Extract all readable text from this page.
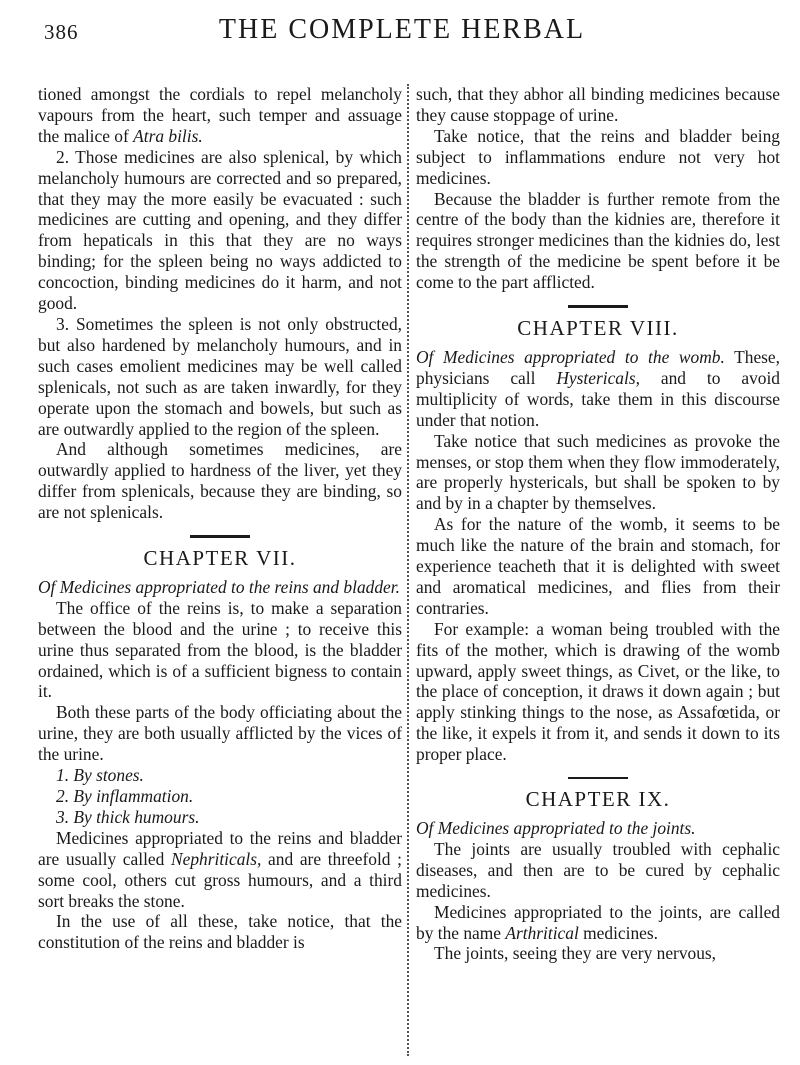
386	THE COMPLETE HERBAL

tioned amongst the cordials to repel melancholy vapours from the heart, such temper and assuage the malice of Atra bilis.

2. Those medicines are also splenical, by which melancholy humours are corrected and so prepared, that they may the more easily be evacuated : such medicines are cutting and opening, and they differ from hepaticals in this that they are no ways binding; for the spleen being no ways addicted to concoction, binding medicines do it harm, and not good.

3. Sometimes the spleen is not only obstructed, but also hardened by melancholy humours, and in such cases emolient medicines may be well called splenicals, not such as are taken inwardly, for they operate upon the stomach and bowels, but such as are outwardly applied to the region of the spleen.

And although sometimes medicines, are outwardly applied to hardness of the liver, yet they differ from splenicals, because they are binding, so are not splenicals.

CHAPTER VII.

Of Medicines appropriated to the reins and bladder.

The office of the reins is, to make a separation between the blood and the urine ; to receive this urine thus separated from the blood, is the bladder ordained, which is of a sufficient bigness to contain it.

Both these parts of the body officiating about the urine, they are both usually afflicted by the vices of the urine.

1. By stones.

2. By inflammation.

3. By thick humours.

Medicines appropriated to the reins and bladder are usually called Nephriticals, and are threefold ; some cool, others cut gross humours, and a third sort breaks the stone.

In the use of all these, take notice, that the constitution of the reins and bladder is

such, that they abhor all binding medicines because they cause stoppage of urine.

Take notice, that the reins and bladder being subject to inflammations endure not very hot medicines.

Because the bladder is further remote from the centre of the body than the kidnies are, therefore it requires stronger medicines than the kidnies do, lest the strength of the medicine be spent before it be come to the part afflicted.

CHAPTER VIII.

Of Medicines appropriated to the womb. These, physicians call Hystericals, and to avoid multiplicity of words, take them in this discourse under that notion.

Take notice that such medicines as provoke the menses, or stop them when they flow immoderately, are properly hystericals, but shall be spoken to by and by in a chapter by themselves.

As for the nature of the womb, it seems to be much like the nature of the brain and stomach, for experience teacheth that it is delighted with sweet and aromatical medicines, and flies from their contraries.

For example: a woman being troubled with the fits of the mother, which is drawing of the womb upward, apply sweet things, as Civet, or the like, to the place of conception, it draws it down again ; but apply stinking things to the nose, as Assafœtida, or the like, it expels it from it, and sends it down to its proper place.

CHAPTER IX.

Of Medicines appropriated to the joints.

The joints are usually troubled with cephalic diseases, and then are to be cured by cephalic medicines.

Medicines appropriated to the joints, are called by the name Arthritical medicines.

The joints, seeing they are very nervous,
